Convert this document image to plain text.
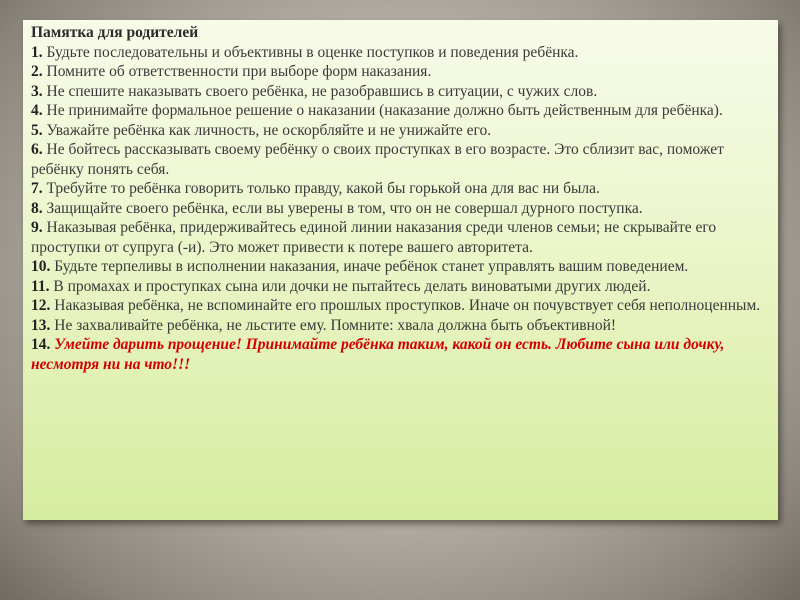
Памятка для родителей
1. Будьте последовательны и объективны в оценке поступков и поведения ребёнка.
2. Помните об ответственности при выборе форм наказания.
3. Не спешите наказывать своего ребёнка, не разобравшись в ситуации, с чужих слов.
4. Не принимайте формальное решение о наказании (наказание должно быть действенным для ребёнка).
5. Уважайте ребёнка как личность, не оскорбляйте и не унижайте его.
6. Не бойтесь рассказывать своему ребёнку о своих проступках в его возрасте. Это сблизит вас, поможет ребёнку понять себя.
7. Требуйте то ребёнка говорить только правду, какой бы горькой она для вас ни была.
8. Защищайте своего ребёнка, если вы уверены в том, что он не совершал дурного поступка.
9. Наказывая ребёнка, придерживайтесь единой линии наказания среди членов семьи; не скрывайте его проступки от супруга (-и). Это может привести к потере вашего авторитета.
10. Будьте терпеливы в исполнении наказания, иначе ребёнок станет управлять вашим поведением.
11. В промахах и проступках сына или дочки не пытайтесь делать виноватыми других людей.
12. Наказывая ребёнка, не вспоминайте его прошлых проступков. Иначе он почувствует себя неполноценным.
13. Не захваливайте ребёнка, не льстите ему. Помните: хвала должна быть объективной!
14. Умейте дарить прощение! Принимайте ребёнка таким, какой он есть. Любите сына или дочку, несмотря ни на что!!!
